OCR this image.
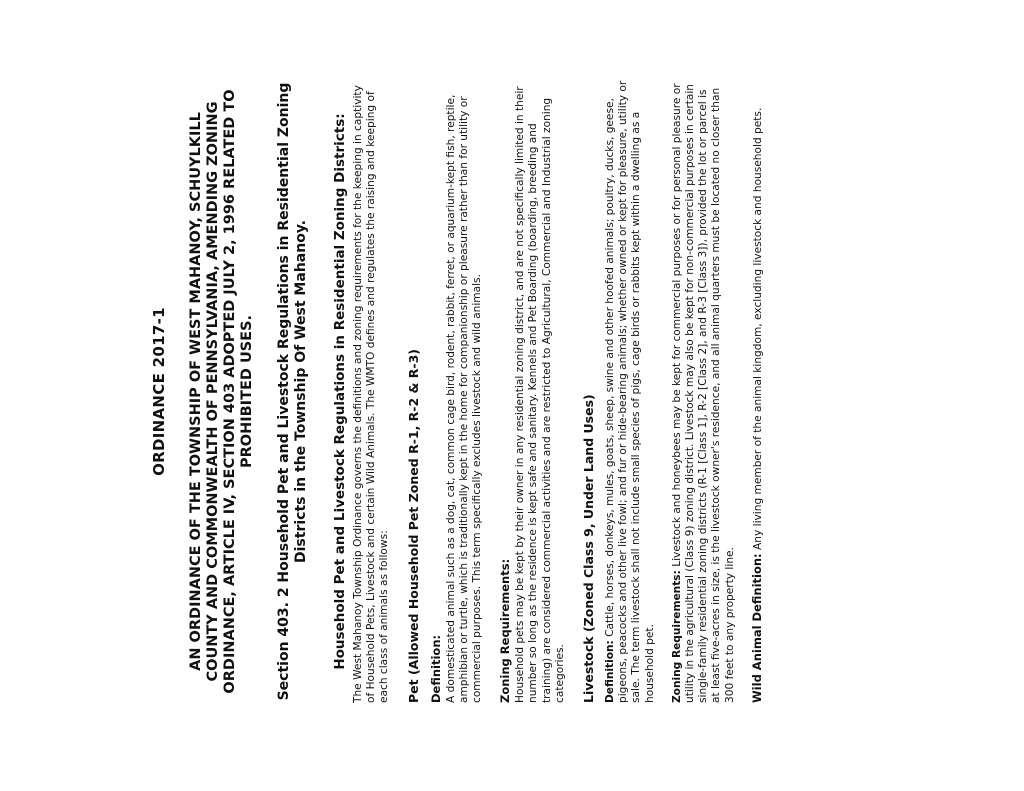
ORDINANCE 2017-1 AN ORDINANCE OF THE TOWNSHIP OF WEST MAHANOY, SCHUYLKILL COUNTY AND COMMONWEALTH OF PENNSYLVANIA, AMENDING ZONING ORDINANCE, ARTICLE IV, SECTION 403 ADOPTED JULY 2, 1996 RELATED TO PROHIBITED USES. Section 403. 2 Household Pet and Livestock Regulations in Residential Zoning Districts in the Township Of West Mahanoy. Household Pet and Livestock Regulations in Residential Zoning Districts: The West Mahanoy Township Ordinance governs the definitions and zoning requirements for the keeping in captivity of Household Pets, Livestock and certain Wild Animals. The WMTO defines and regulates the raising and keeping of each class of animals as follows: Pet (Allowed Household Pet Zoned R-1, R-2 & R-3) Definition: A domesticated animal such as a dog, cat, common cage bird, rodent, rabbit, ferret, or aquarium-kept fish, reptile, amphibian or turtle, which is traditionally kept in the home for companionship or pleasure rather than for utility or commercial purposes. This term specifically excludes livestock and wild animals. Zoning Requirements: Household pets may be kept by their owner in any residential zoning district, and are not specifically limited in their number so long as the residence is kept safe and sanitary. Kennels and Pet Boarding (boarding, breeding and training) are considered commercial activities and are restricted to Agricultural, Commercial and Industrial zoning categories. Livestock (Zoned Class 9, Under Land Uses) Definition: Cattle, horses, donkeys, mules, goats, sheep, swine and other hoofed animals; poultry, ducks, geese, pigeons, peacocks and other live fowl; and fur or hide-bearing animals; whether owned or kept for pleasure, utility or sale. The term livestock shall not include small species of pigs, cage birds or rabbits kept within a dwelling as a household pet. Zoning Requirements: Livestock and honeybees may be kept for commercial purposes or for personal pleasure or utility in the agricultural (Class 9) zoning district. Livestock may also be kept for non-commercial purposes in certain single-family residential zoning districts (R-1 [Class 1], R-2 [Class 2], and R-3 [Class 3]), provided the lot or parcel is at least five-acres in size, is the livestock owner's residence, and all animal quarters must be located no closer than 300 feet to any property line. Wild Animal Definition: Any living member of the animal kingdom, excluding livestock and household pets.
